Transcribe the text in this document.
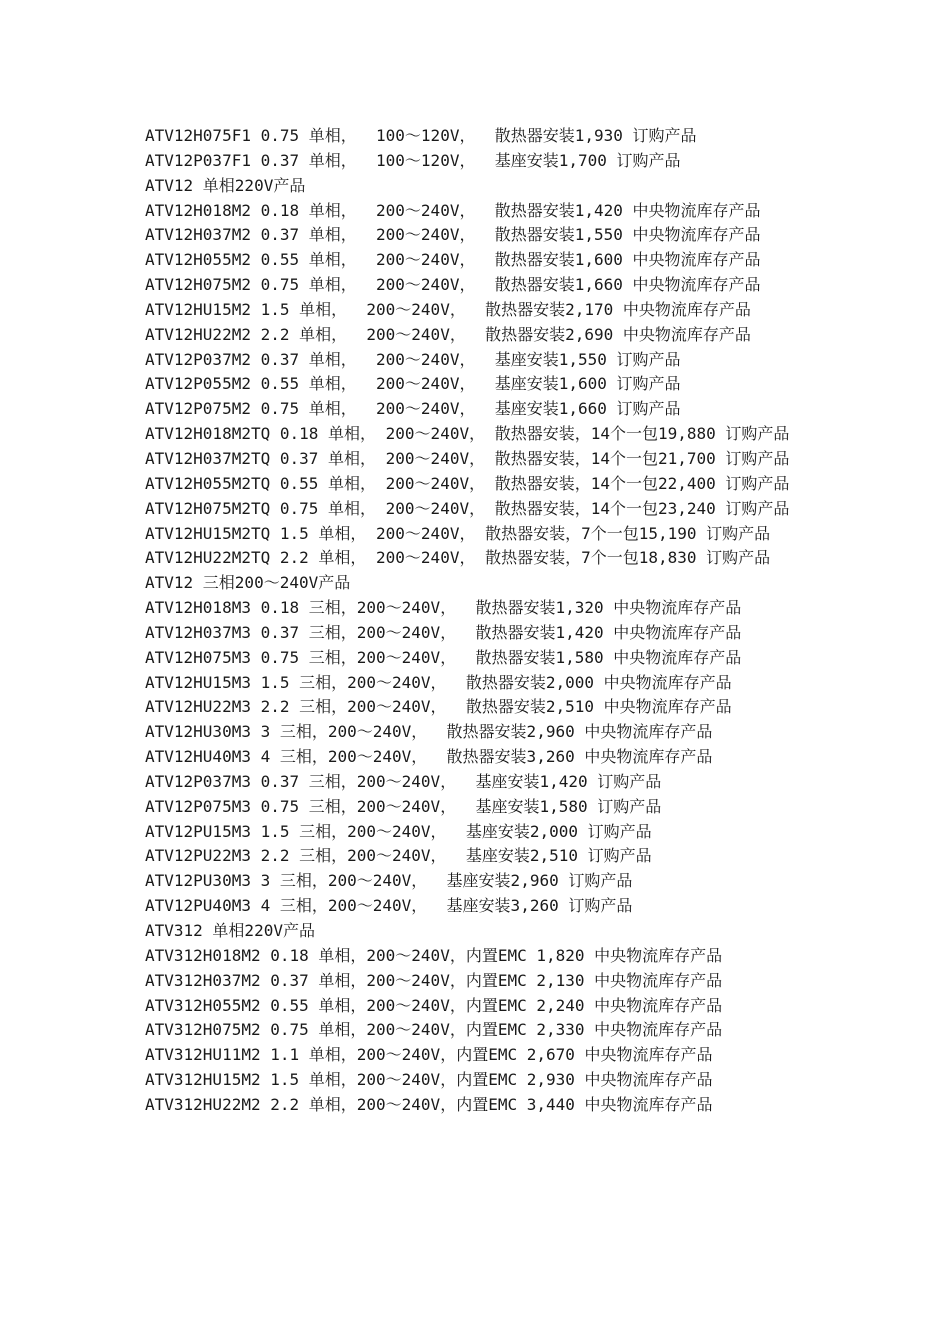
ATV12H075F1 0.75 单相，  100～120V，  散热器安装1,930 订购产品
ATV12P037F1 0.37 单相，  100～120V，  基座安装1,700 订购产品
ATV12 单相220V产品
ATV12H018M2 0.18 单相，  200～240V，  散热器安装1,420 中央物流库存产品
ATV12H037M2 0.37 单相，  200～240V，  散热器安装1,550 中央物流库存产品
ATV12H055M2 0.55 单相，  200～240V，  散热器安装1,600 中央物流库存产品
ATV12H075M2 0.75 单相，  200～240V，  散热器安装1,660 中央物流库存产品
ATV12HU15M2 1.5 单相，  200～240V，  散热器安装2,170 中央物流库存产品
ATV12HU22M2 2.2 单相，  200～240V，  散热器安装2,690 中央物流库存产品
ATV12P037M2 0.37 单相，  200～240V，  基座安装1,550 订购产品
ATV12P055M2 0.55 单相，  200～240V，  基座安装1,600 订购产品
ATV12P075M2 0.75 单相，  200～240V，  基座安装1,660 订购产品
ATV12H018M2TQ 0.18 单相， 200～240V， 散热器安装，14个一包19,880 订购产品
ATV12H037M2TQ 0.37 单相， 200～240V， 散热器安装，14个一包21,700 订购产品
ATV12H055M2TQ 0.55 单相， 200～240V， 散热器安装，14个一包22,400 订购产品
ATV12H075M2TQ 0.75 单相， 200～240V， 散热器安装，14个一包23,240 订购产品
ATV12HU15M2TQ 1.5 单相， 200～240V， 散热器安装，7个一包15,190 订购产品
ATV12HU22M2TQ 2.2 单相， 200～240V， 散热器安装，7个一包18,830 订购产品
ATV12 三相200～240V产品
ATV12H018M3 0.18 三相，200～240V，  散热器安装1,320 中央物流库存产品
ATV12H037M3 0.37 三相，200～240V，  散热器安装1,420 中央物流库存产品
ATV12H075M3 0.75 三相，200～240V，  散热器安装1,580 中央物流库存产品
ATV12HU15M3 1.5 三相，200～240V，  散热器安装2,000 中央物流库存产品
ATV12HU22M3 2.2 三相，200～240V，  散热器安装2,510 中央物流库存产品
ATV12HU30M3 3 三相，200～240V，  散热器安装2,960 中央物流库存产品
ATV12HU40M3 4 三相，200～240V，  散热器安装3,260 中央物流库存产品
ATV12P037M3 0.37 三相，200～240V，  基座安装1,420 订购产品
ATV12P075M3 0.75 三相，200～240V，  基座安装1,580 订购产品
ATV12PU15M3 1.5 三相，200～240V，  基座安装2,000 订购产品
ATV12PU22M3 2.2 三相，200～240V，  基座安装2,510 订购产品
ATV12PU30M3 3 三相，200～240V，  基座安装2,960 订购产品
ATV12PU40M3 4 三相，200～240V，  基座安装3,260 订购产品
ATV312 单相220V产品
ATV312H018M2 0.18 单相，200～240V，内置EMC 1,820 中央物流库存产品
ATV312H037M2 0.37 单相，200～240V，内置EMC 2,130 中央物流库存产品
ATV312H055M2 0.55 单相，200～240V，内置EMC 2,240 中央物流库存产品
ATV312H075M2 0.75 单相，200～240V，内置EMC 2,330 中央物流库存产品
ATV312HU11M2 1.1 单相，200～240V，内置EMC 2,670 中央物流库存产品
ATV312HU15M2 1.5 单相，200～240V，内置EMC 2,930 中央物流库存产品
ATV312HU22M2 2.2 单相，200～240V，内置EMC 3,440 中央物流库存产品
